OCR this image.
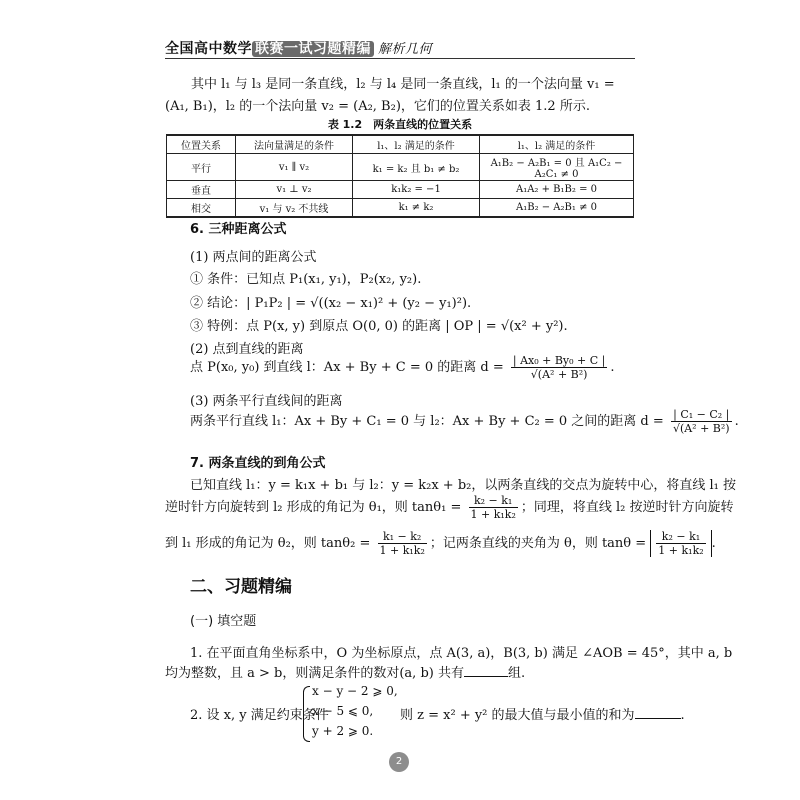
全国高中数学 联赛一试习题精编 解析几何
其中 l₁ 与 l₃ 是同一条直线，l₂ 与 l₄ 是同一条直线，l₁ 的一个法向量 v₁ = (A₁, B₁)，l₂ 的一个法向量 v₂ = (A₂, B₂)，它们的位置关系如表 1.2 所示.
表 1.2　两条直线的位置关系
位置关系	法向量满足的条件	l₁、l₂ 满足的条件	l₁、l₂ 满足的条件
平行	v₁ ∥ v₂	k₁ = k₂ 且 b₁ ≠ b₂	A₁B₂ − A₂B₁ = 0 且 A₁C₂ − A₂C₁ ≠ 0
垂直	v₁ ⊥ v₂	k₁k₂ = −1	A₁A₂ + B₁B₂ = 0
相交	v₁ 与 v₂ 不共线	k₁ ≠ k₂	A₁B₂ − A₂B₁ ≠ 0
6. 三种距离公式
(1) 两点间的距离公式
① 条件：已知点 P₁(x₁, y₁)，P₂(x₂, y₂).
② 结论：| P₁P₂ | = √((x₂ − x₁)² + (y₂ − y₁)²).
③ 特例：点 P(x, y) 到原点 O(0, 0) 的距离 | OP | = √(x² + y²).
(2) 点到直线的距离
点 P(x₀, y₀) 到直线 l：Ax + By + C = 0 的距离 $d = \frac{\text{| Ax₀ + By₀ + C |}}{\text{√(A² + B²)}}$ .
(3) 两条平行直线间的距离
两条平行直线 l₁：Ax + By + C₁ = 0 与 l₂：Ax + By + C₂ = 0 之间的距离 $d = \frac{\text{| C₁ − C₂ |}}{\text{√(A² + B²)}}$ .
7. 两条直线的到角公式
已知直线 l₁：y = k₁x + b₁ 与 l₂：y = k₂x + b₂，以两条直线的交点为旋转中心，将直线 l₁ 按
逆时针方向旋转到 l₂ 形成的角记为 θ₁，则 $\tan\theta_1 = \frac{\text{k₂ − k₁}}{\text{1 + k₁k₂}}$ ；同理，将直线 l₂ 按逆时针方向旋转
到 l₁ 形成的角记为 θ₂，则 $\tan\theta_2 = \frac{\text{k₁ − k₂}}{\text{1 + k₁k₂}}$ ；记两条直线的夹角为 θ，则 $\tan\theta = \frac{\text{k₂ − k₁}}{\text{1 + k₁k₂}}$ .
二、习题精编
(一) 填空题
1. 在平面直角坐标系中，O 为坐标原点，点 A(3, a)，B(3, b) 满足 ∠AOB = 45°，其中 a, b
均为整数，且 a > b，则满足条件的数对(a, b) 共有	组.
2. 设 x, y 满足约束条件
x − y − 2 ⩾ 0,
x − 5 ⩽ 0,
y + 2 ⩾ 0.
则 z = x² + y² 的最大值与最小值的和为	.
2
